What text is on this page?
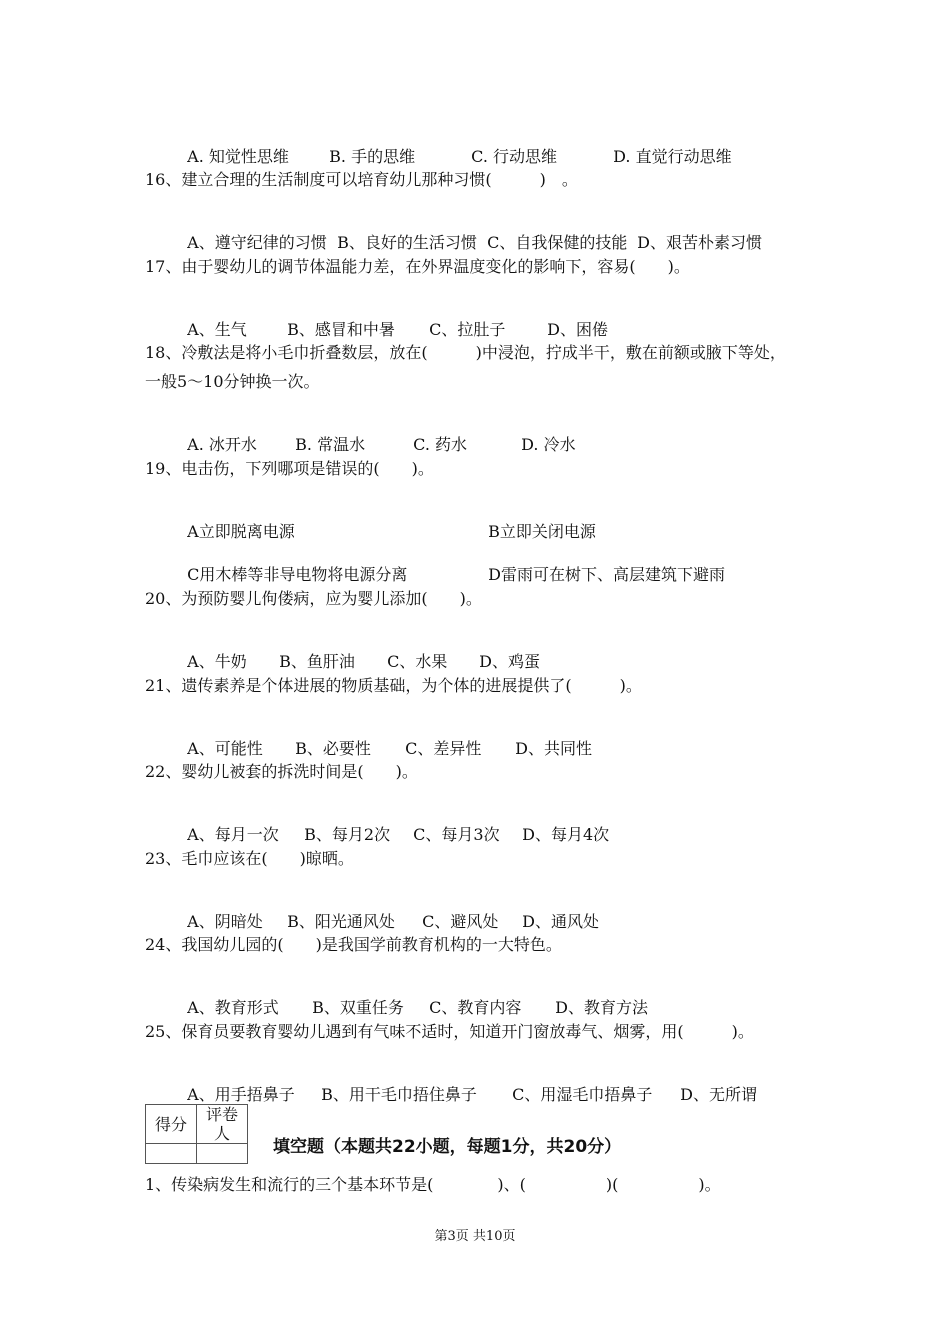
A. 知觉性思维	B. 手的思维	C. 行动思维	D. 直觉行动思维

16、建立合理的生活制度可以培育幼儿那种习惯(　　　)　。

A、遵守纪律的习惯 B、良好的生活习惯 C、自我保健的技能 D、艰苦朴素习惯

17、由于婴幼儿的调节体温能力差，在外界温度变化的影响下，容易(　　)。

A、生气	B、感冒和中暑 C、拉肚子	D、困倦

18、冷敷法是将小毛巾折叠数层，放在(　　　)中浸泡，拧成半干，敷在前额或腋下等处，
一般5～10分钟换一次。

A. 冰开水 B. 常温水	C. 药水	D. 冷水

19、电击伤，下列哪项是错误的(　　)。

A立即脱离电源	B立即关闭电源

C用木棒等非导电物将电源分离	D雷雨可在树下、高层建筑下避雨

20、为预防婴儿佝偻病，应为婴儿添加(　　)。

A、牛奶 B、鱼肝油 C、水果 D、鸡蛋

21、遗传素养是个体进展的物质基础，为个体的进展提供了(　　　)。

A、可能性 B、必要性 C、差异性 D、共同性

22、婴幼儿被套的拆洗时间是(　　)。

A、每月一次 B、每月2次 C、每月3次 D、每月4次

23、毛巾应该在(　　)晾晒。

A、阴暗处 B、阳光通风处 C、避风处 D、通风处

24、我国幼儿园的(　　)是我国学前教育机构的一大特色。

A、教育形式 B、双重任务 C、教育内容 D、教育方法

25、保育员要教育婴幼儿遇到有气味不适时，知道开门窗放毒气、烟雾，用(　　　)。

A、用手捂鼻子 B、用干毛巾捂住鼻子 C、用湿毛巾捂鼻子 D、无所谓

得分	评卷人

填空题（本题共22小题，每题1分，共20分）
1、传染病发生和流行的三个基本环节是(　　　　)、(　　　　　)(　　　　　)。
第3页 共10页
